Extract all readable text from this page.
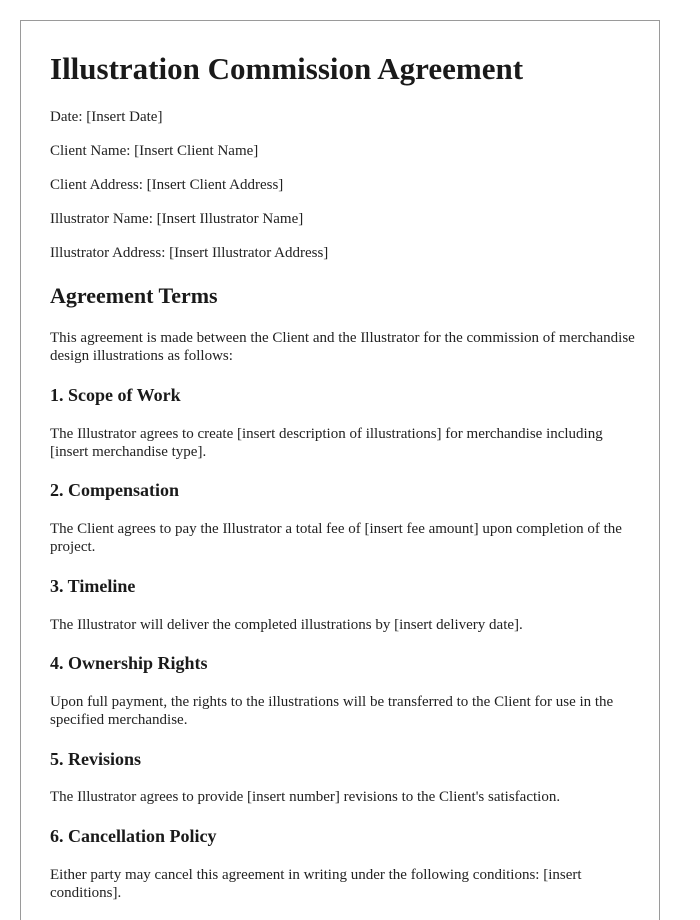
Illustration Commission Agreement

Date: [Insert Date]

Client Name: [Insert Client Name]

Client Address: [Insert Client Address]

Illustrator Name: [Insert Illustrator Name]

Illustrator Address: [Insert Illustrator Address]

Agreement Terms

This agreement is made between the Client and the Illustrator for the commission of merchandise design illustrations as follows:

1. Scope of Work

The Illustrator agrees to create [insert description of illustrations] for merchandise including [insert merchandise type].

2. Compensation

The Client agrees to pay the Illustrator a total fee of [insert fee amount] upon completion of the project.

3. Timeline

The Illustrator will deliver the completed illustrations by [insert delivery date].

4. Ownership Rights

Upon full payment, the rights to the illustrations will be transferred to the Client for use in the specified merchandise.

5. Revisions

The Illustrator agrees to provide [insert number] revisions to the Client's satisfaction.

6. Cancellation Policy

Either party may cancel this agreement in writing under the following conditions: [insert conditions].
